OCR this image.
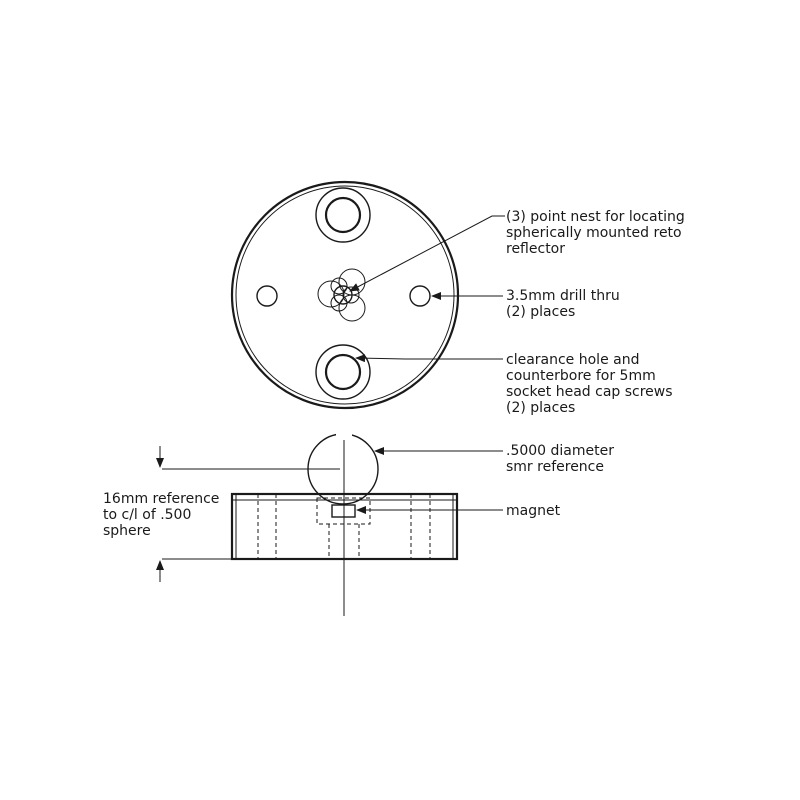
(3) point nest for locating spherically mounted reto reflector
3.5mm drill thru (2) places
clearance hole and counterbore for 5mm socket head cap screws (2) places
.5000 diameter smr reference
magnet
16mm reference to c/l of .500 sphere
